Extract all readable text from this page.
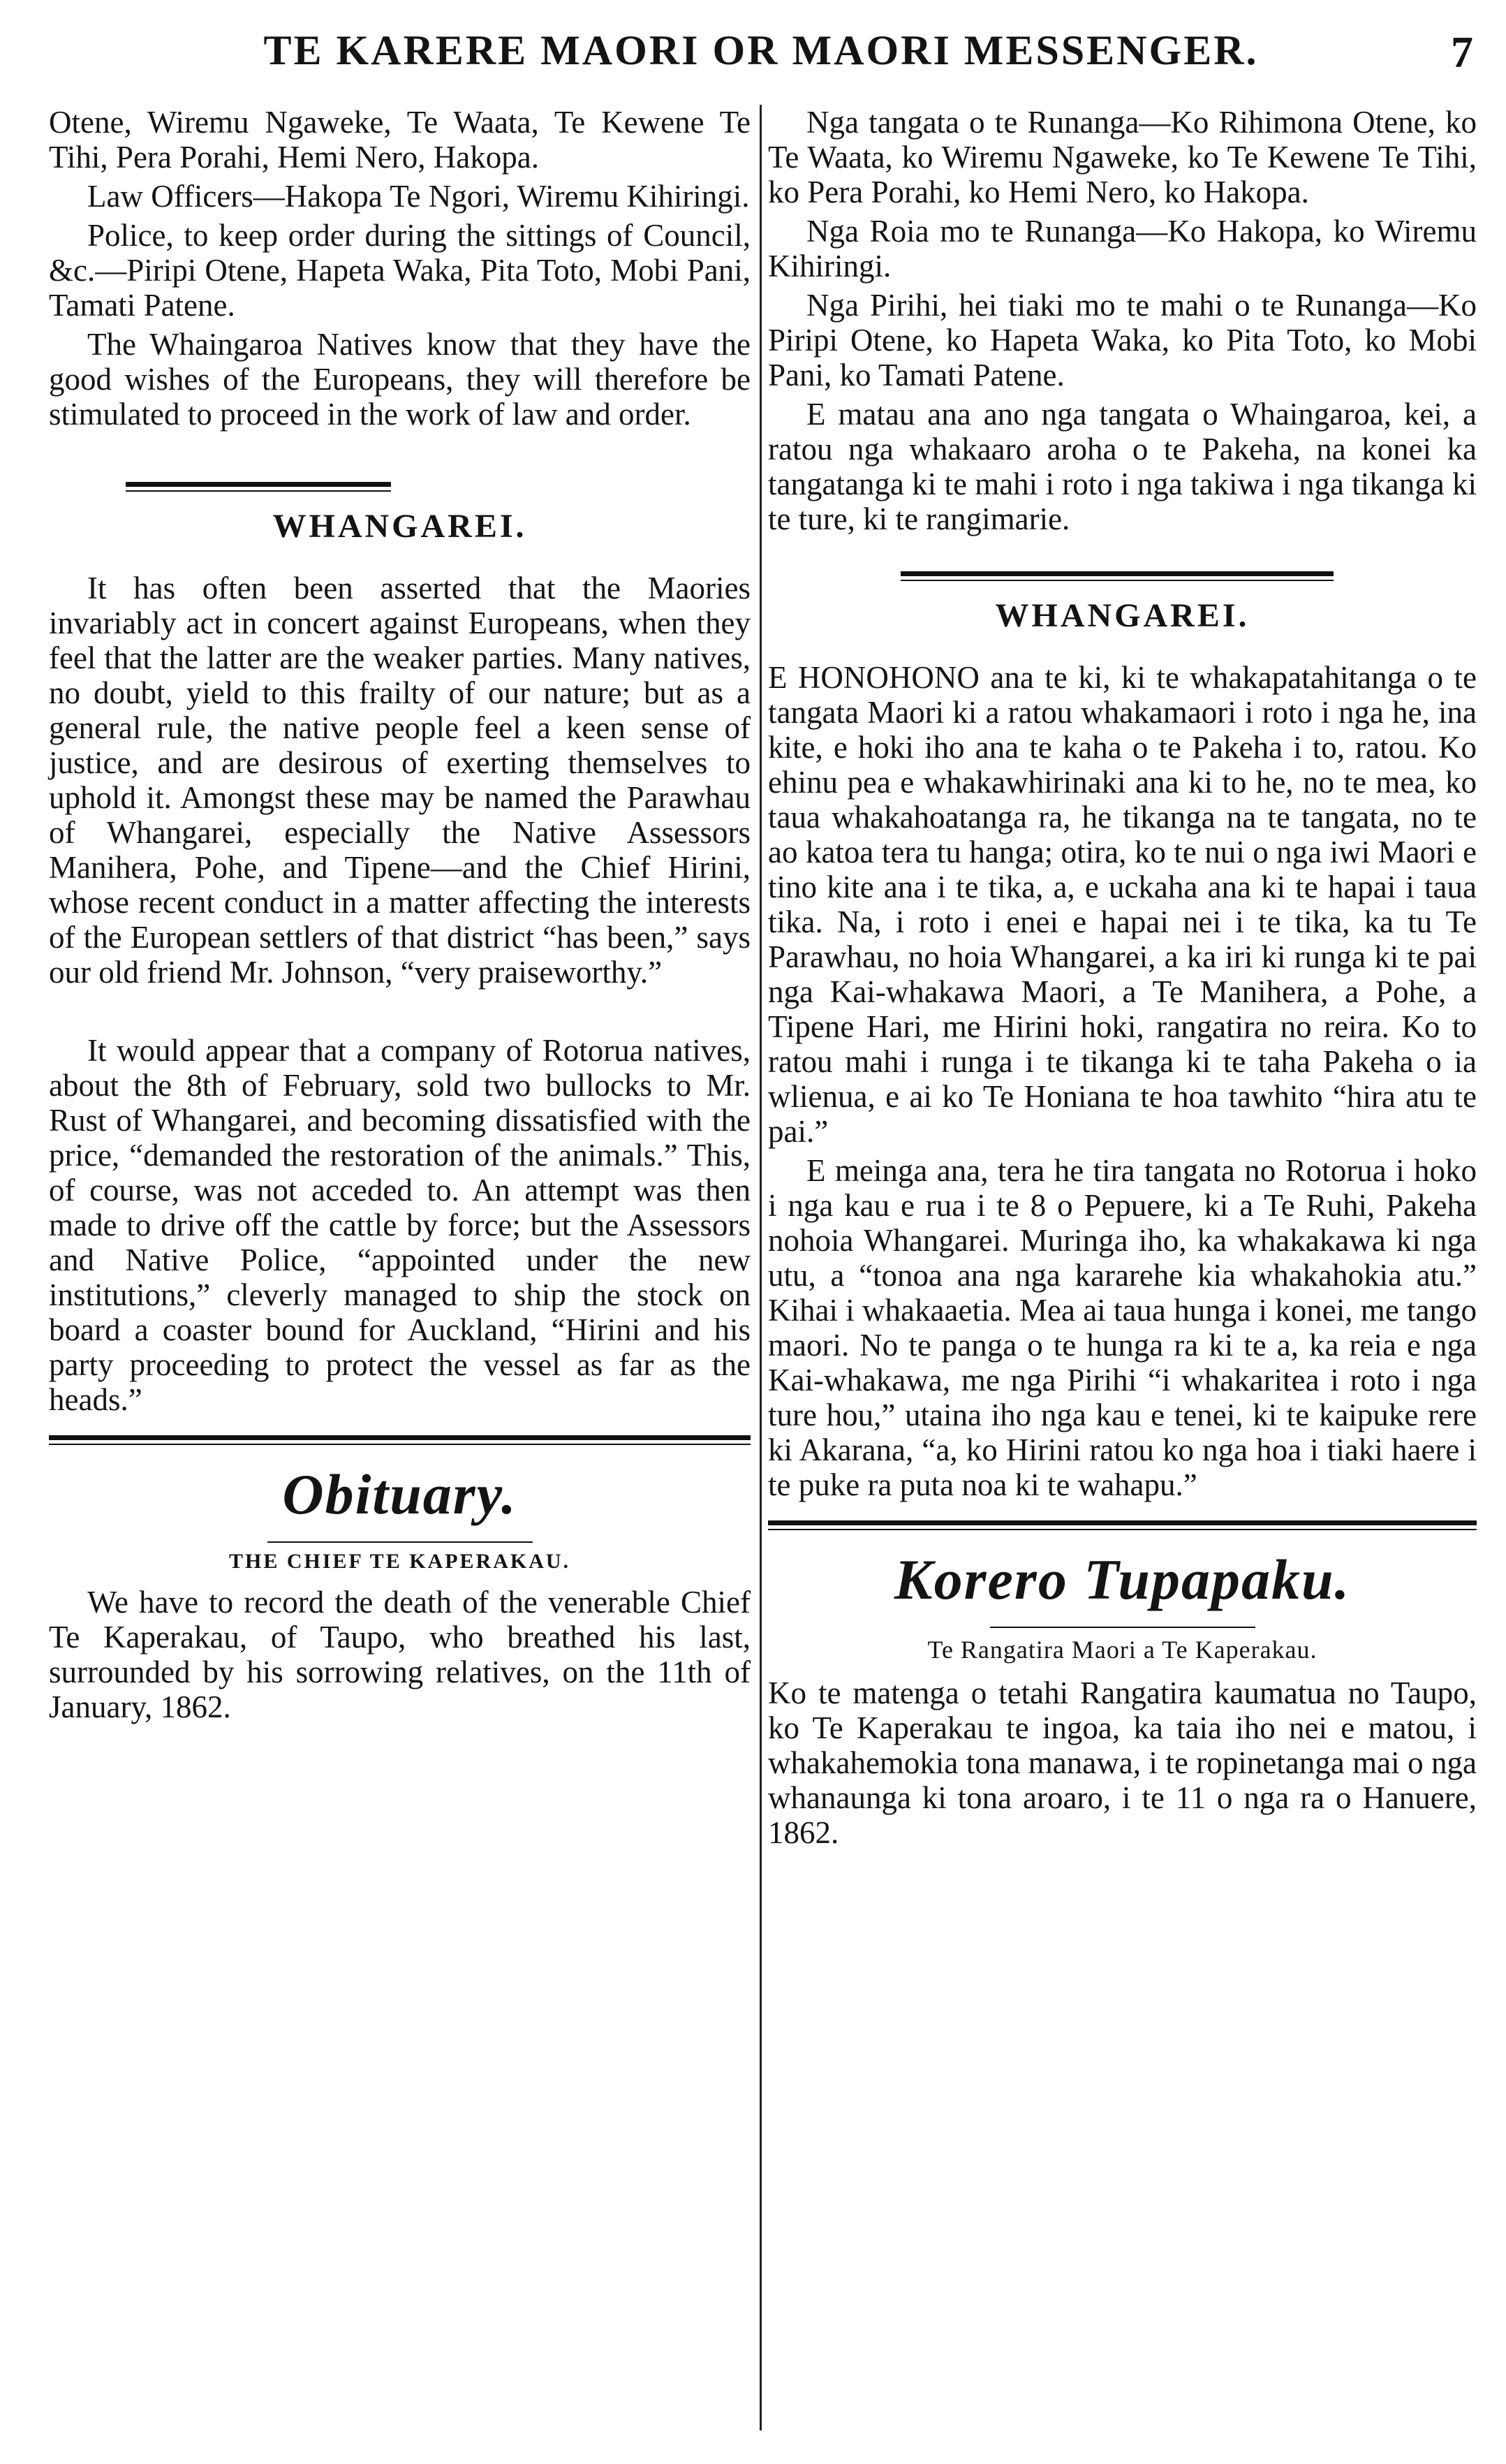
TE KARERE MAORI OR MAORI MESSENGER.	7

Otene, Wiremu Ngaweke, Te Waata, Te Kewene Te Tihi, Pera Porahi, Hemi Nero, Hakopa.

Law Officers—Hakopa Te Ngori, Wiremu Kihiringi.

Police, to keep order during the sittings of Council, &c.—Piripi Otene, Hapeta Waka, Pita Toto, Mobi Pani, Tamati Patene.

The Whaingaroa Natives know that they have the good wishes of the Europeans, they will therefore be stimulated to proceed in the work of law and order.

WHANGAREI.

It has often been asserted that the Maories invariably act in concert against Europeans, when they feel that the latter are the weaker parties. Many natives, no doubt, yield to this frailty of our nature; but as a general rule, the native people feel a keen sense of justice, and are desirous of exerting themselves to uphold it. Amongst these may be named the Parawhau of Whangarei, especially the Native Assessors Manihera, Pohe, and Tipene—and the Chief Hirini, whose recent conduct in a matter affecting the interests of the European settlers of that district “has been,” says our old friend Mr. Johnson, “very praiseworthy.”

It would appear that a company of Rotorua natives, about the 8th of February, sold two bullocks to Mr. Rust of Whangarei, and becoming dissatisfied with the price, “demanded the restoration of the animals.” This, of course, was not acceded to. An attempt was then made to drive off the cattle by force; but the Assessors and Native Police, “appointed under the new institutions,” cleverly managed to ship the stock on board a coaster bound for Auckland, “Hirini and his party proceeding to protect the vessel as far as the heads.”

Obituary.
THE CHIEF TE KAPERAKAU.

We have to record the death of the venerable Chief Te Kaperakau, of Taupo, who breathed his last, surrounded by his sorrowing relatives, on the 11th of January, 1862.

Nga tangata o te Runanga—Ko Rihimona Otene, ko Te Waata, ko Wiremu Ngaweke, ko Te Kewene Te Tihi, ko Pera Porahi, ko Hemi Nero, ko Hakopa.

Nga Roia mo te Runanga—Ko Hakopa, ko Wiremu Kihiringi.

Nga Pirihi, hei tiaki mo te mahi o te Runanga—Ko Piripi Otene, ko Hapeta Waka, ko Pita Toto, ko Mobi Pani, ko Tamati Patene.

E matau ana ano nga tangata o Whaingaroa, kei, a ratou nga whakaaro aroha o te Pakeha, na konei ka tangatanga ki te mahi i roto i nga takiwa i nga tikanga ki te ture, ki te rangimarie.

WHANGAREI.

E HONOHONO ana te ki, ki te whakapatahitanga o te tangata Maori ki a ratou whakamaori i roto i nga he, ina kite, e hoki iho ana te kaha o te Pakeha i to, ratou. Ko ehinu pea e whakawhirinaki ana ki to he, no te mea, ko taua whakahoatanga ra, he tikanga na te tangata, no te ao katoa tera tu hanga; otira, ko te nui o nga iwi Maori e tino kite ana i te tika, a, e uckaha ana ki te hapai i taua tika. Na, i roto i enei e hapai nei i te tika, ka tu Te Parawhau, no hoia Whangarei, a ka iri ki runga ki te pai nga Kai-whakawa Maori, a Te Manihera, a Pohe, a Tipene Hari, me Hirini hoki, rangatira no reira. Ko to ratou mahi i runga i te tikanga ki te taha Pakeha o ia wlienua, e ai ko Te Honiana te hoa tawhito “hira atu te pai.”

E meinga ana, tera he tira tangata no Rotorua i hoko i nga kau e rua i te 8 o Pepuere, ki a Te Ruhi, Pakeha nohoia Whangarei. Muringa iho, ka whakakawa ki nga utu, a “tonoa ana nga kararehe kia whakahokia atu.” Kihai i whakaaetia. Mea ai taua hunga i konei, me tango maori. No te panga o te hunga ra ki te a, ka reia e nga Kai-whakawa, me nga Pirihi “i whakaritea i roto i nga ture hou,” utaina iho nga kau e tenei, ki te kaipuke rere ki Akarana, “a, ko Hirini ratou ko nga hoa i tiaki haere i te puke ra puta noa ki te wahapu.”

Korero Tupapaku.
Te Rangatira Maori a Te Kaperakau.

Ko te matenga o tetahi Rangatira kaumatua no Taupo, ko Te Kaperakau te ingoa, ka taia iho nei e matou, i whakahemokia tona manawa, i te ropinetanga mai o nga whanaunga ki tona aroaro, i te 11 o nga ra o Hanuere, 1862.
